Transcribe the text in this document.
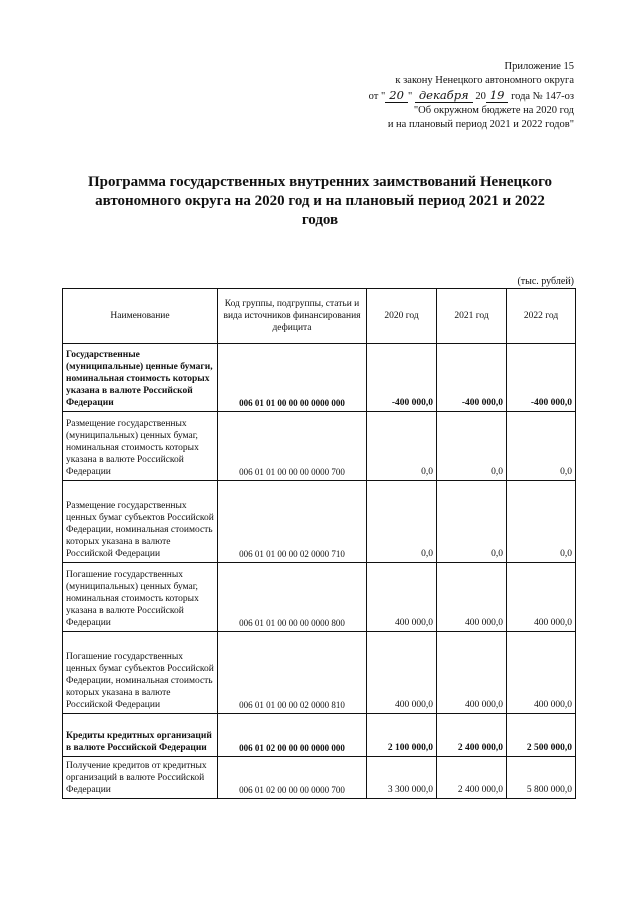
Приложение 15
к закону Ненецкого автономного округа
от " 20 " декабря 20 19 года № 147-оз
"Об окружном бюджете на 2020 год
и на плановый период 2021 и 2022 годов"
Программа государственных внутренних заимствований Ненецкого
автономного округа на 2020 год и на плановый период 2021 и 2022
годов
(тыс. рублей)
Наименование	Код группы, подгруппы, статьи и вида источников финансирования дефицита	2020 год	2021 год	2022 год
Государственные (муниципальные) ценные бумаги, номинальная стоимость которых указана в валюте Российской Федерации	006 01 01 00 00 00 0000 000	-400 000,0	-400 000,0	-400 000,0
Размещение государственных (муниципальных) ценных бумаг, номинальная стоимость которых указана в валюте Российской Федерации	006 01 01 00 00 00 0000 700	0,0	0,0	0,0
Размещение государственных ценных бумаг субъектов Российской Федерации, номинальная стоимость которых указана в валюте Российской Федерации	006 01 01 00 00 02 0000 710	0,0	0,0	0,0
Погашение государственных (муниципальных) ценных бумаг, номинальная стоимость которых указана в валюте Российской Федерации	006 01 01 00 00 00 0000 800	400 000,0	400 000,0	400 000,0
Погашение государственных ценных бумаг субъектов Российской Федерации, номинальная стоимость которых указана в валюте Российской Федерации	006 01 01 00 00 02 0000 810	400 000,0	400 000,0	400 000,0
Кредиты кредитных организаций в валюте Российской Федерации	006 01 02 00 00 00 0000 000	2 100 000,0	2 400 000,0	2 500 000,0
Получение кредитов от кредитных организаций в валюте Российской Федерации	006 01 02 00 00 00 0000 700	3 300 000,0	2 400 000,0	5 800 000,0
